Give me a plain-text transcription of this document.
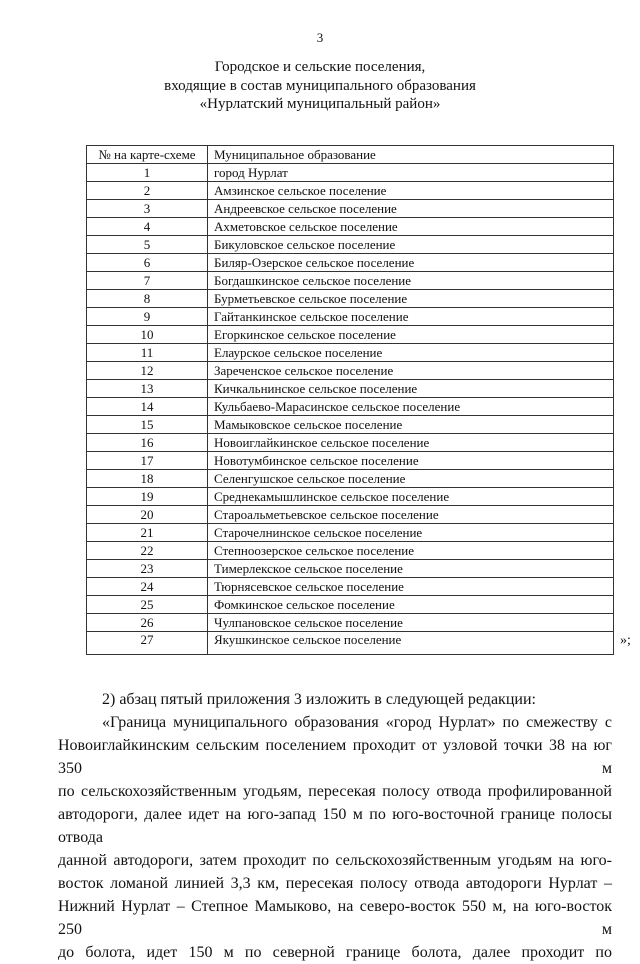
3
Городское и сельские поселения,
входящие в состав муниципального образования
«Нурлатский муниципальный район»
№ на карте-схеме	Муниципальное образование
1	город Нурлат
2	Амзинское сельское поселение
3	Андреевское сельское поселение
4	Ахметовское сельское поселение
5	Бикуловское сельское поселение
6	Биляр-Озерское сельское поселение
7	Богдашкинское сельское поселение
8	Бурметьевское сельское поселение
9	Гайтанкинское сельское поселение
10	Егоркинское сельское поселение
11	Елаурское сельское поселение
12	Зареченское сельское поселение
13	Кичкальнинское сельское поселение
14	Кульбаево-Марасинское сельское поселение
15	Мамыковское сельское поселение
16	Новоиглайкинское сельское поселение
17	Новотумбинское сельское поселение
18	Селенгушское сельское поселение
19	Среднекамышлинское сельское поселение
20	Староальметьевское сельское поселение
21	Старочелнинское сельское поселение
22	Степноозерское сельское поселение
23	Тимерлекское сельское поселение
24	Тюрнясевское сельское поселение
25	Фомкинское сельское поселение
26	Чулпановское сельское поселение
27	Якушкинское сельское поселение	»;

2) абзац пятый приложения 3 изложить в следующей редакции:

«Граница муниципального образования «город Нурлат» по смежеству с

Новоиглайкинским сельским поселением проходит от узловой точки 38 на юг 350 м

по сельскохозяйственным угодьям, пересекая полосу отвода профилированной

автодороги, далее идет на юго-запад 150 м по юго-восточной границе полосы отвода

данной автодороги, затем проходит по сельскохозяйственным угодьям на юго-

восток ломаной линией 3,3 км, пересекая полосу отвода автодороги Нурлат –

Нижний Нурлат – Степное Мамыково, на северо-восток 550 м, на юго-восток 250 м

до болота, идет 150 м по северной границе болота, далее проходит по
